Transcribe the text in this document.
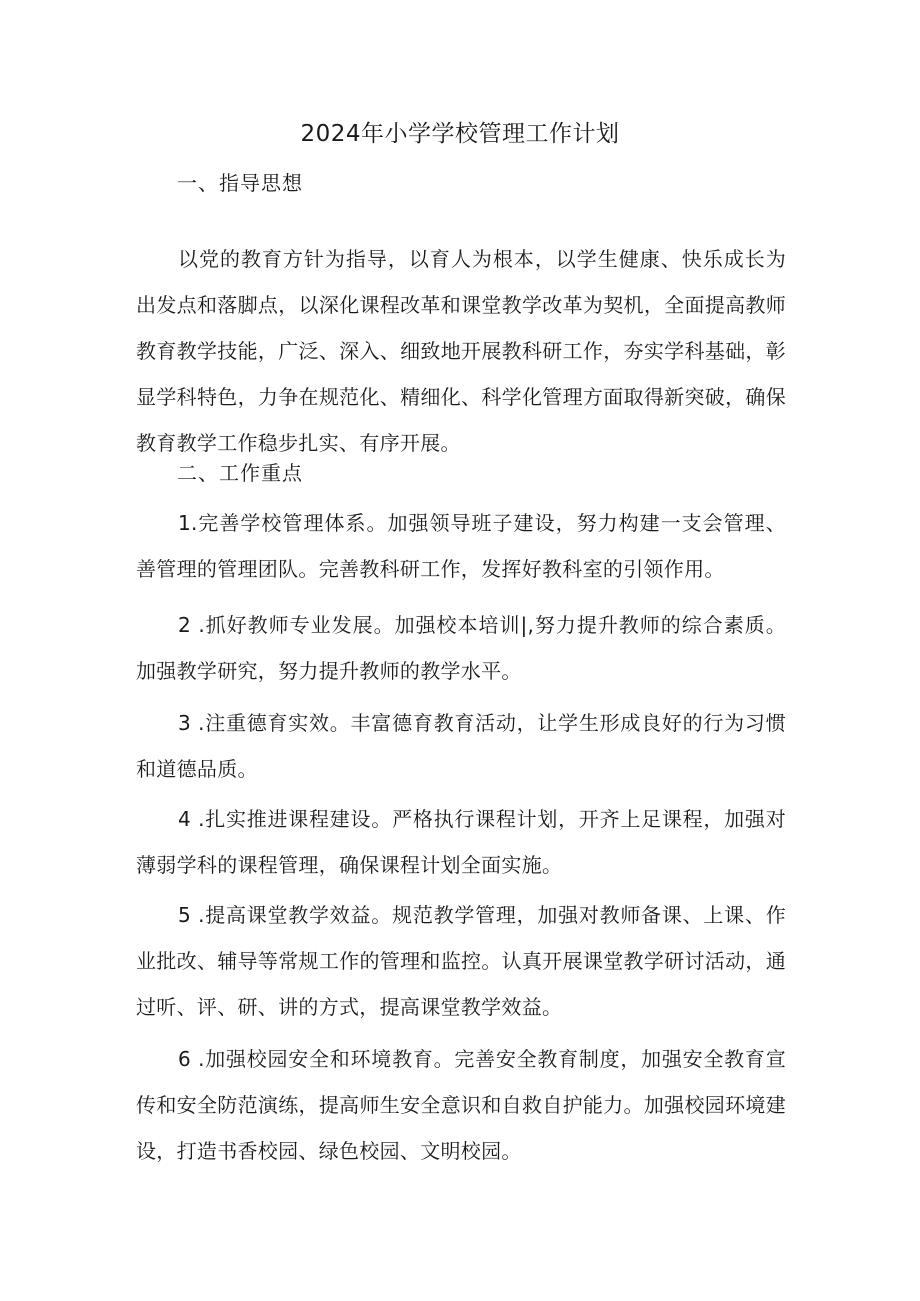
2024年小学学校管理工作计划
一、指导思想
以党的教育方针为指导，以育人为根本，以学生健康、快乐成长为出发点和落脚点，以深化课程改革和课堂教学改革为契机，全面提高教师教育教学技能，广泛、深入、细致地开展教科研工作，夯实学科基础，彰显学科特色，力争在规范化、精细化、科学化管理方面取得新突破，确保教育教学工作稳步扎实、有序开展。
二、工作重点
1.完善学校管理体系。加强领导班子建设，努力构建一支会管理、善管理的管理团队。完善教科研工作，发挥好教科室的引领作用。
2 .抓好教师专业发展。加强校本培训|,努力提升教师的综合素质。加强教学研究，努力提升教师的教学水平。
3 .注重德育实效。丰富德育教育活动，让学生形成良好的行为习惯和道德品质。
4 .扎实推进课程建设。严格执行课程计划，开齐上足课程，加强对薄弱学科的课程管理，确保课程计划全面实施。
5 .提高课堂教学效益。规范教学管理，加强对教师备课、上课、作业批改、辅导等常规工作的管理和监控。认真开展课堂教学研讨活动，通过听、评、研、讲的方式，提高课堂教学效益。
6 .加强校园安全和环境教育。完善安全教育制度，加强安全教育宣传和安全防范演练，提高师生安全意识和自救自护能力。加强校园环境建设，打造书香校园、绿色校园、文明校园。
